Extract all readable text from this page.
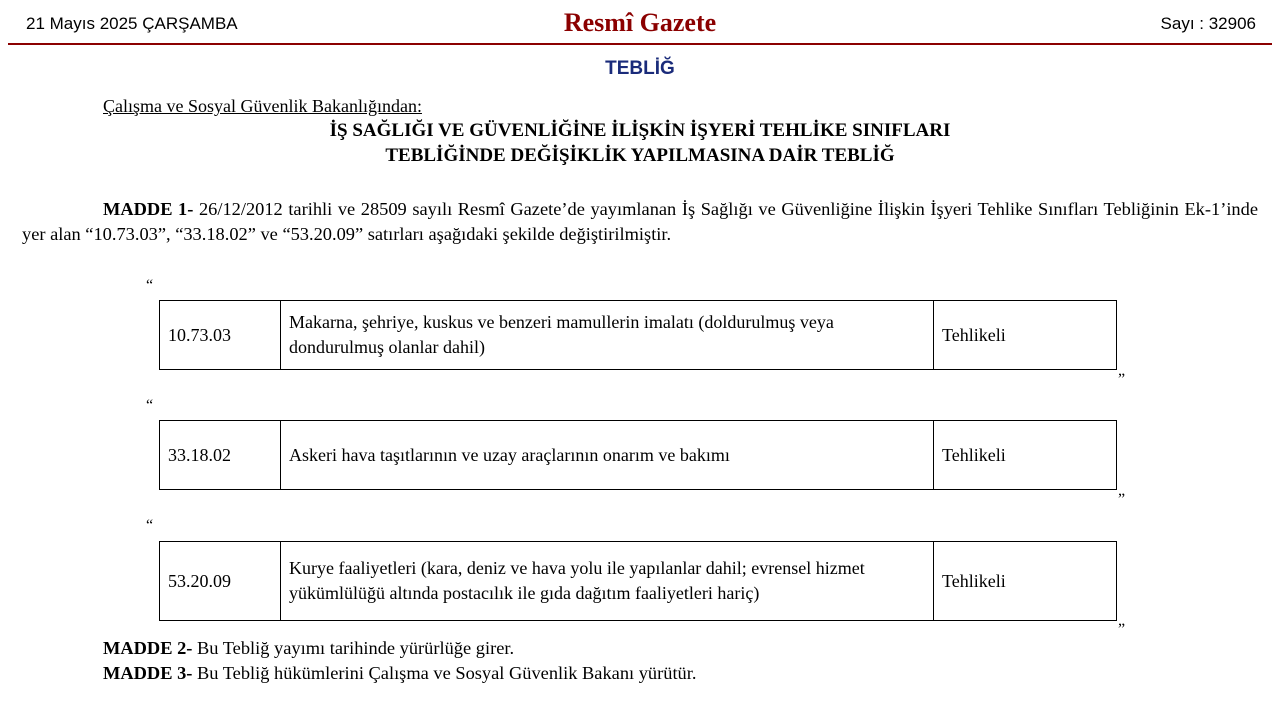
21 Mayıs 2025 ÇARŞAMBA	Resmî Gazete	Sayı : 32906
TEBLİĞ
Çalışma ve Sosyal Güvenlik Bakanlığından:
İŞ SAĞLIĞI VE GÜVENLİĞİNE İLİŞKİN İŞYERİ TEHLİKE SINIFLARI
TEBLİĞİNDE DEĞİŞİKLİK YAPILMASINA DAİR TEBLİĞ
MADDE 1- 26/12/2012 tarihli ve 28509 sayılı Resmî Gazete’de yayımlanan İş Sağlığı ve Güvenliğine İlişkin İşyeri Tehlike Sınıfları Tebliğinin Ek-1’inde yer alan “10.73.03”, “33.18.02” ve “53.20.09” satırları aşağıdaki şekilde değiştirilmiştir.
“
10.73.03	Makarna, şehriye, kuskus ve benzeri mamullerin imalatı (doldurulmuş veya dondurulmuş olanlar dahil)	Tehlikeli
”
“
33.18.02	Askeri hava taşıtlarının ve uzay araçlarının onarım ve bakımı	Tehlikeli
”
“
53.20.09	Kurye faaliyetleri (kara, deniz ve hava yolu ile yapılanlar dahil; evrensel hizmet yükümlülüğü altında postacılık ile gıda dağıtım faaliyetleri hariç)	Tehlikeli
”
MADDE 2- Bu Tebliğ yayımı tarihinde yürürlüğe girer.
MADDE 3- Bu Tebliğ hükümlerini Çalışma ve Sosyal Güvenlik Bakanı yürütür.
